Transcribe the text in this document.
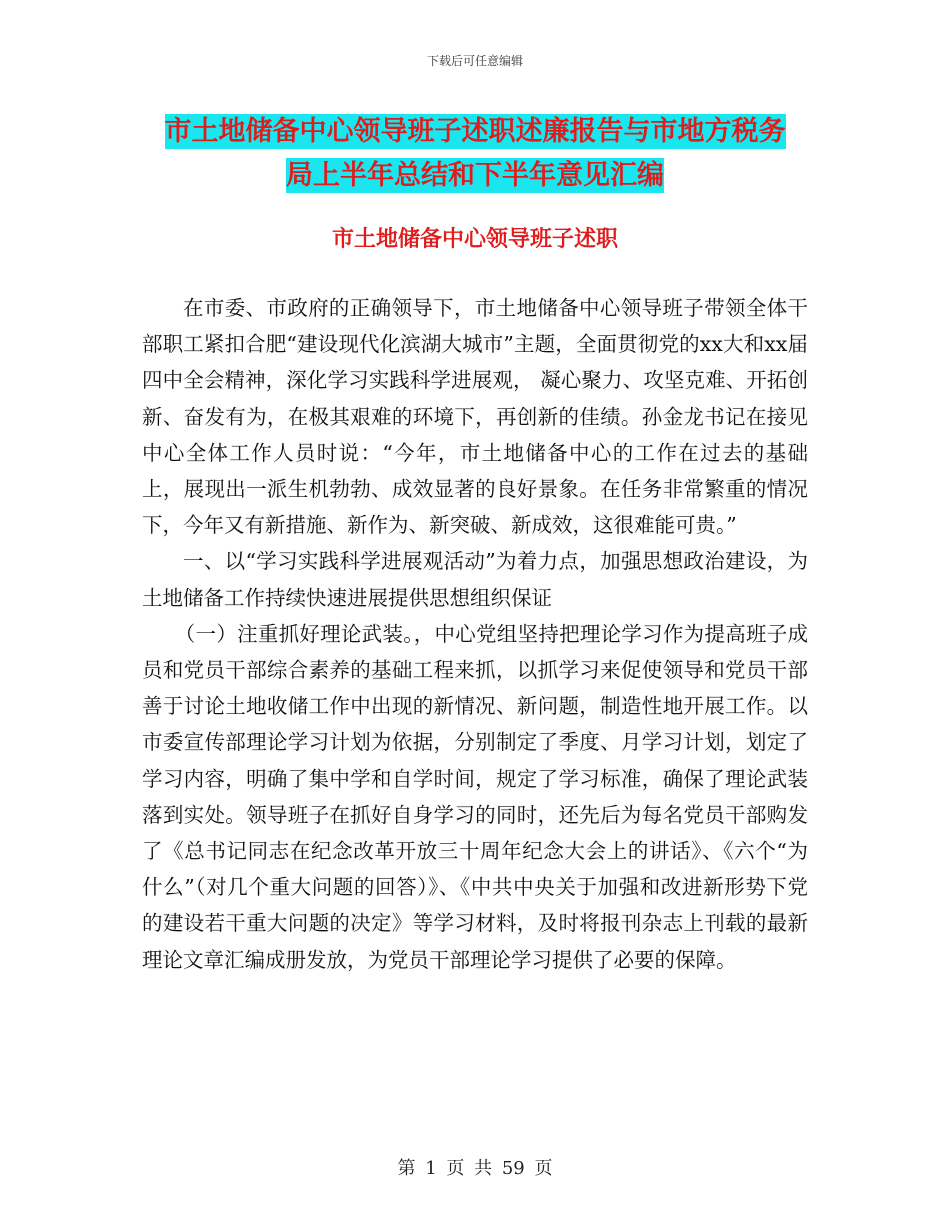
下载后可任意编辑
市土地储备中心领导班子述职述廉报告与市地方税务
局上半年总结和下半年意见汇编
市土地储备中心领导班子述职

在市委、市政府的正确领导下，市土地储备中心领导班子带领全体干部职工紧扣合肥“建设现代化滨湖大城市”主题，全面贯彻党的xx大和xx届四中全会精神，深化学习实践科学进展观， 凝心聚力、攻坚克难、开拓创新、奋发有为，在极其艰难的环境下，再创新的佳绩。孙金龙书记在接见中心全体工作人员时说：“今年，市土地储备中心的工作在过去的基础上，展现出一派生机勃勃、成效显著的良好景象。在任务非常繁重的情况下，今年又有新措施、新作为、新突破、新成效，这很难能可贵。”

一、以“学习实践科学进展观活动”为着力点，加强思想政治建设，为土地储备工作持续快速进展提供思想组织保证

（一）注重抓好理论武装。，中心党组坚持把理论学习作为提高班子成员和党员干部综合素养的基础工程来抓，以抓学习来促使领导和党员干部善于讨论土地收储工作中出现的新情况、新问题，制造性地开展工作。以市委宣传部理论学习计划为依据，分别制定了季度、月学习计划，划定了学习内容，明确了集中学和自学时间，规定了学习标准，确保了理论武装落到实处。领导班子在抓好自身学习的同时，还先后为每名党员干部购发了《总书记同志在纪念改革开放三十周年纪念大会上的讲话》、《六个“为什么”（对几个重大问题的回答）》、《中共中央关于加强和改进新形势下党的建设若干重大问题的决定》等学习材料，及时将报刊杂志上刊载的最新理论文章汇编成册发放，为党员干部理论学习提供了必要的保障。

第 1 页 共 59 页
